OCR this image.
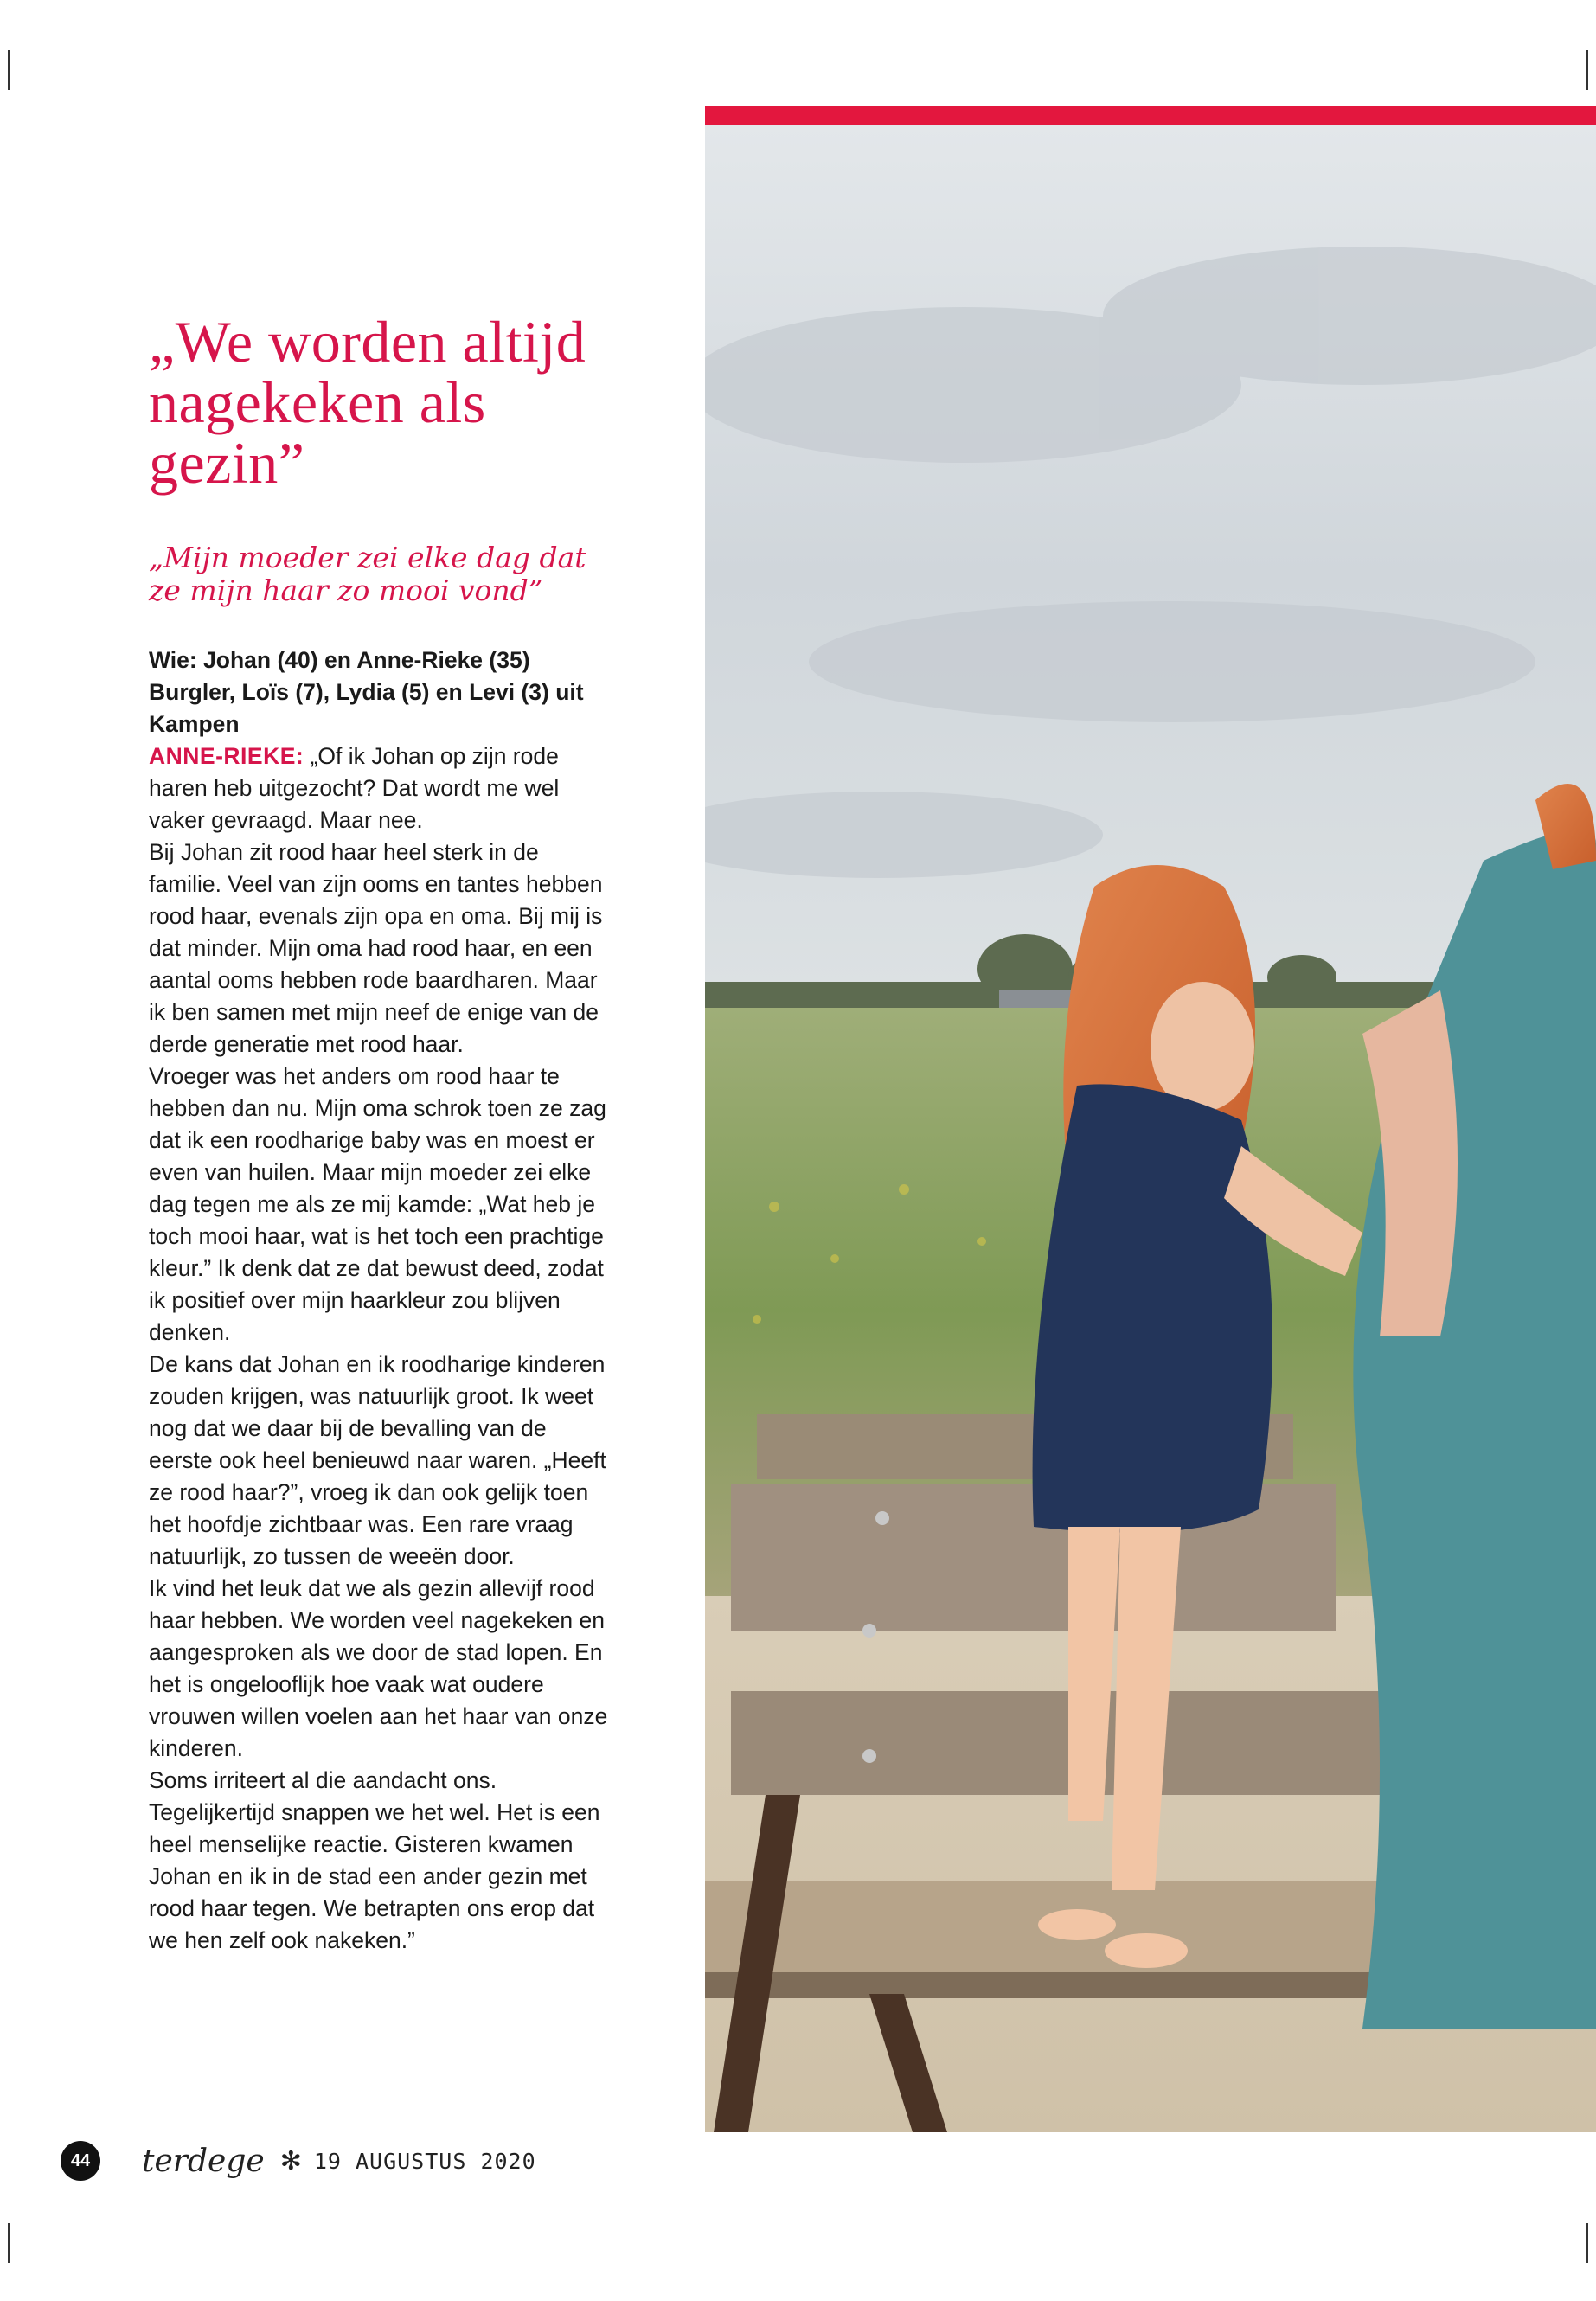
„We worden altijd nagekeken als gezin”
„Mijn moeder zei elke dag dat ze mijn haar zo mooi vond”
Wie: Johan (40) en Anne-Rieke (35) Burgler, Loïs (7), Lydia (5) en Levi (3) uit Kampen

ANNE-RIEKE: „Of ik Johan op zijn rode haren heb uitgezocht? Dat wordt me wel vaker gevraagd. Maar nee.

Bij Johan zit rood haar heel sterk in de familie. Veel van zijn ooms en tantes hebben rood haar, evenals zijn opa en oma. Bij mij is dat minder. Mijn oma had rood haar, en een aantal ooms hebben rode baardharen. Maar ik ben samen met mijn neef de enige van de derde generatie met rood haar.

Vroeger was het anders om rood haar te hebben dan nu. Mijn oma schrok toen ze zag dat ik een roodharige baby was en moest er even van huilen. Maar mijn moeder zei elke dag tegen me als ze mij kamde: „Wat heb je toch mooi haar, wat is het toch een prachtige kleur.” Ik denk dat ze dat bewust deed, zodat ik positief over mijn haarkleur zou blijven denken.

De kans dat Johan en ik roodharige kinderen zouden krijgen, was natuurlijk groot. Ik weet nog dat we daar bij de bevalling van de eerste ook heel benieuwd naar waren. „Heeft ze rood haar?”, vroeg ik dan ook gelijk toen het hoofdje zichtbaar was. Een rare vraag natuurlijk, zo tussen de weeën door.

Ik vind het leuk dat we als gezin allevijf rood haar hebben. We worden veel nagekeken en aangesproken als we door de stad lopen. En het is ongelooflijk hoe vaak wat oudere vrouwen willen voelen aan het haar van onze kinderen.

Soms irriteert al die aandacht ons. Tegelijkertijd snappen we het wel. Het is een heel menselijke reactie. Gisteren kwamen Johan en ik in de stad een ander gezin met rood haar tegen. We betrapten ons erop dat we hen zelf ook nakeken.”

44	terdege ✻ 19 AUGUSTUS 2020
